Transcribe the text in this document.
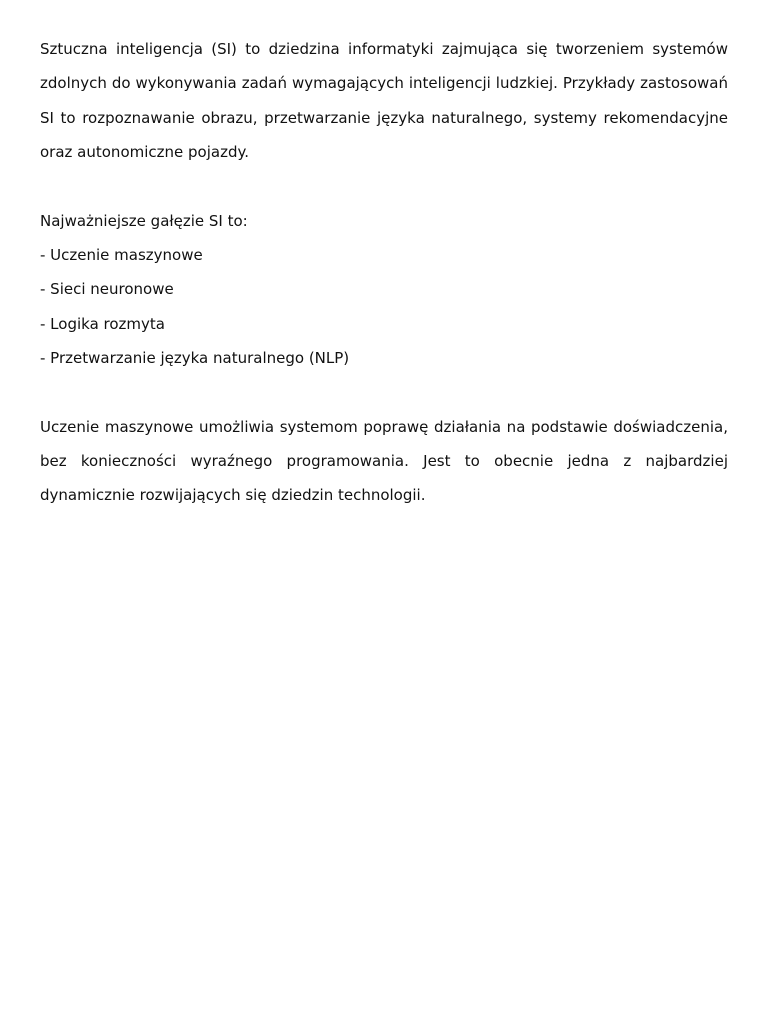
Sztuczna inteligencja (SI) to dziedzina informatyki zajmująca się tworzeniem systemów zdolnych do wykonywania zadań wymagających inteligencji ludzkiej. Przykłady zastosowań SI to rozpoznawanie obrazu, przetwarzanie języka naturalnego, systemy rekomendacyjne oraz autonomiczne pojazdy.

Najważniejsze gałęzie SI to:

- Uczenie maszynowe
- Sieci neuronowe
- Logika rozmyta
- Przetwarzanie języka naturalnego (NLP)

Uczenie maszynowe umożliwia systemom poprawę działania na podstawie doświadczenia, bez konieczności wyraźnego programowania. Jest to obecnie jedna z najbardziej dynamicznie rozwijających się dziedzin technologii.
